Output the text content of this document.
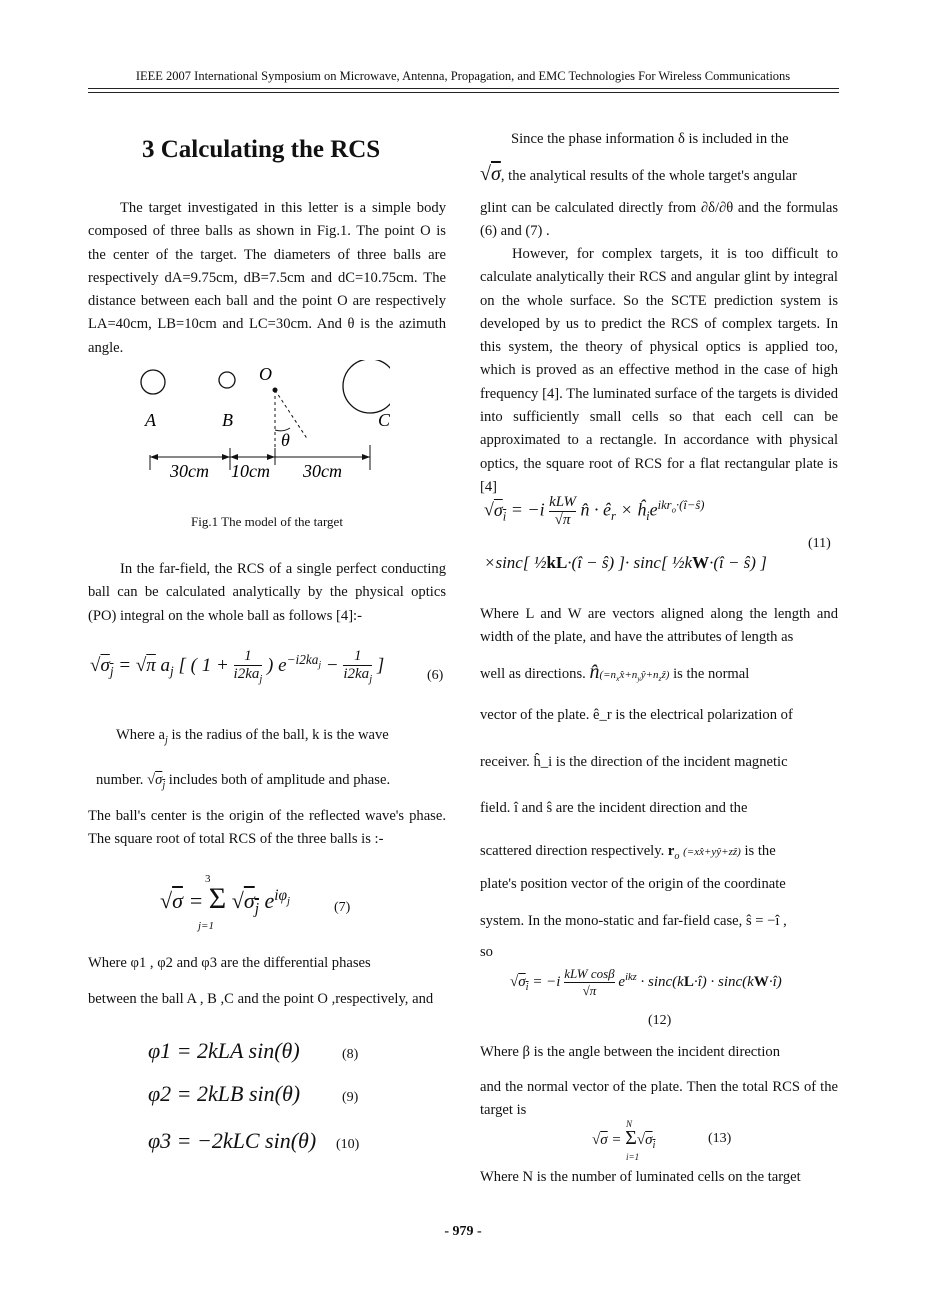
IEEE 2007 International Symposium on Microwave, Antenna, Propagation, and EMC Technologies For Wireless Communications
3 Calculating the RCS
The target investigated in this letter is a simple body composed of three balls as shown in Fig.1. The point O is the center of the target. The diameters of three balls are respectively dA=9.75cm, dB=7.5cm and dC=10.75cm. The distance between each ball and the point O are respectively LA=40cm, LB=10cm and LC=30cm. And θ is the azimuth angle.
A	B
O
C
θ
30cm 10cm 30cm
Fig.1 The model of the target
In the far-field, the RCS of a single perfect conducting ball can be calculated analytically by the physical optics (PO) integral on the whole ball as follows [4]:-
$√\sigma_j = √\pi$ $a_j$ [ ( 1 + 1
$i2ka_j$
) $e^{-i2ka_j} - 1$
$i2ka_j$
]	(6)
Where $a_j$ is the radius of the ball, k is the wave
number. $√\sigma_j$ includes both of amplitude and phase.
The ball's center is the origin of the reflected wave's phase. The square root of total RCS of the three balls is :-
√σ = Σ $√\sigma_j$ $e^{i\varphi_j}$
3
j=1
(7)
Where φ1 , φ2 and φ3 are the differential phases
between the ball A , B ,C and the point O ,respectively, and
φ1 = 2kLA sin(θ)	(8)
φ2 = 2kLB sin(θ)	(9)
φ3 = −2kLC sin(θ) (10)
Since the phase information δ is included in the
√σ, the analytical results of the whole target's angular
glint can be calculated directly from ∂δ/∂θ and the formulas (6) and (7) .
However, for complex targets, it is too difficult to calculate analytically their RCS and angular glint by integral on the whole surface. So the SCTE prediction system is developed by us to predict the RCS of complex targets. In this system, the theory of physical optics is applied too, which is proved as an effective method in the case of high frequency [4]. The luminated surface of the targets is divided into sufficiently small cells so that each cell can be approximated to a rectangle. In accordance with physical optics, the square root of RCS for a flat rectangular plate is [4]
$√\sigma_i = -i$ kLW
√π
n̂ · $ê_r$ × $ĥ_ie^{ikr_o\cdot(î-ŝ)}$
(11)
×sinc[ ½kL·(î − ŝ) ]· sinc[ ½kW·(î − ŝ) ]
Where L and W are vectors aligned along the length and width of the plate, and have the attributes of length as
well as directions. $n̂(=n_xx̂+n_yŷ+n_zẑ)$ is the normal
vector of the plate. ê_r is the electrical polarization of
receiver. ĥ_i is the direction of the incident magnetic
field. î and ŝ are the incident direction and the
scattered direction respectively. $r_o$ (=xx̂+yŷ+zẑ) is the
plate's position vector of the origin of the coordinate
system. In the mono-static and far-field case, ŝ = −î ,
so
$√\sigma_i = -i$
kLW cosβ
√π
$e^{ikz}$ · sinc(kL·î) · sinc(kW·î)
(12)
Where β is the angle between the incident direction
and the normal vector of the plate. Then the total RCS of the target is
$√\sigma = \Sigma√\sigma_i$
N
i=1
(13)
Where N is the number of luminated cells on the target
- 979 -
